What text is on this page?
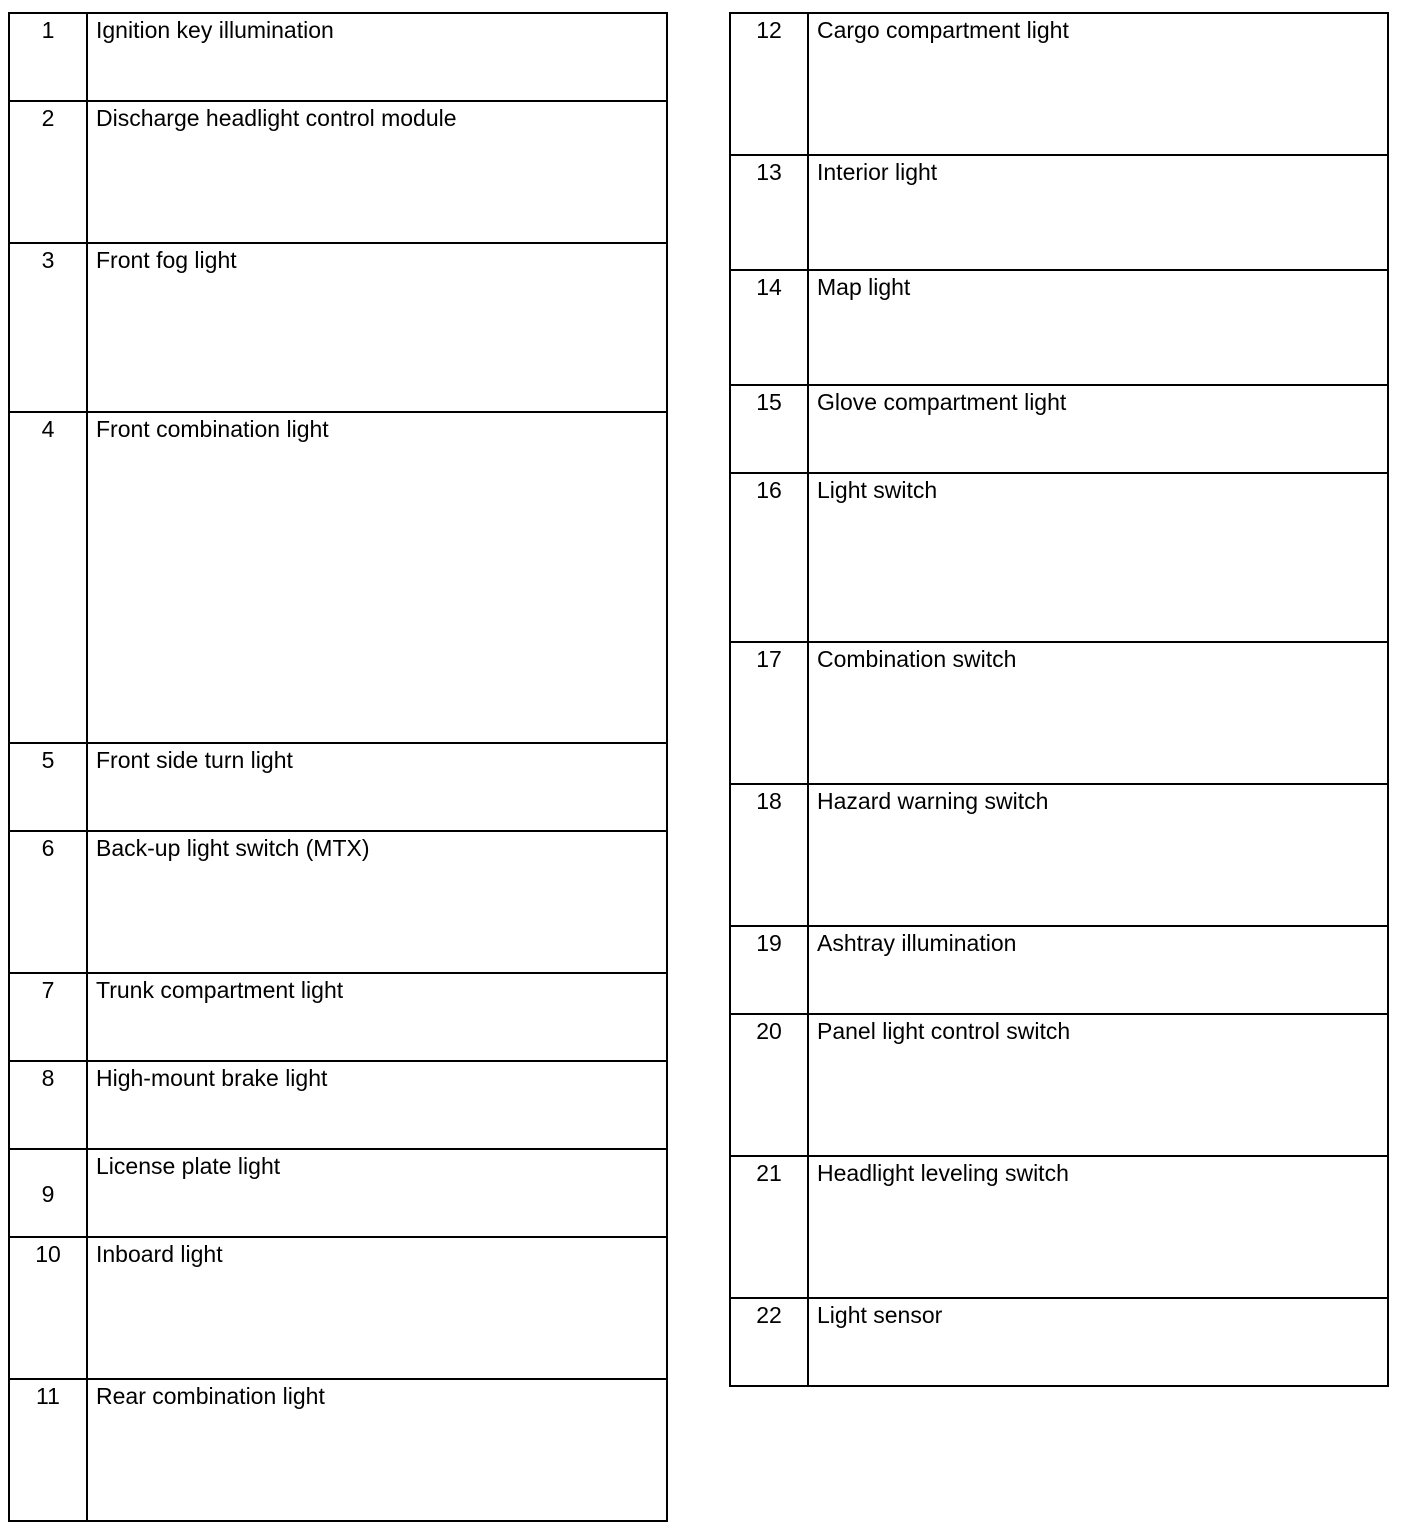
1	Ignition key illumination
2	Discharge headlight control module
3	Front fog light
4	Front combination light
5	Front side turn light
6	Back-up light switch (MTX)
7	Trunk compartment light
8	High-mount brake light
9	License plate light
10	Inboard light
11	Rear combination light
12	Cargo compartment light
13	Interior light
14	Map light
15	Glove compartment light
16	Light switch
17	Combination switch
18	Hazard warning switch
19	Ashtray illumination
20	Panel light control switch
21	Headlight leveling switch
22	Light sensor
